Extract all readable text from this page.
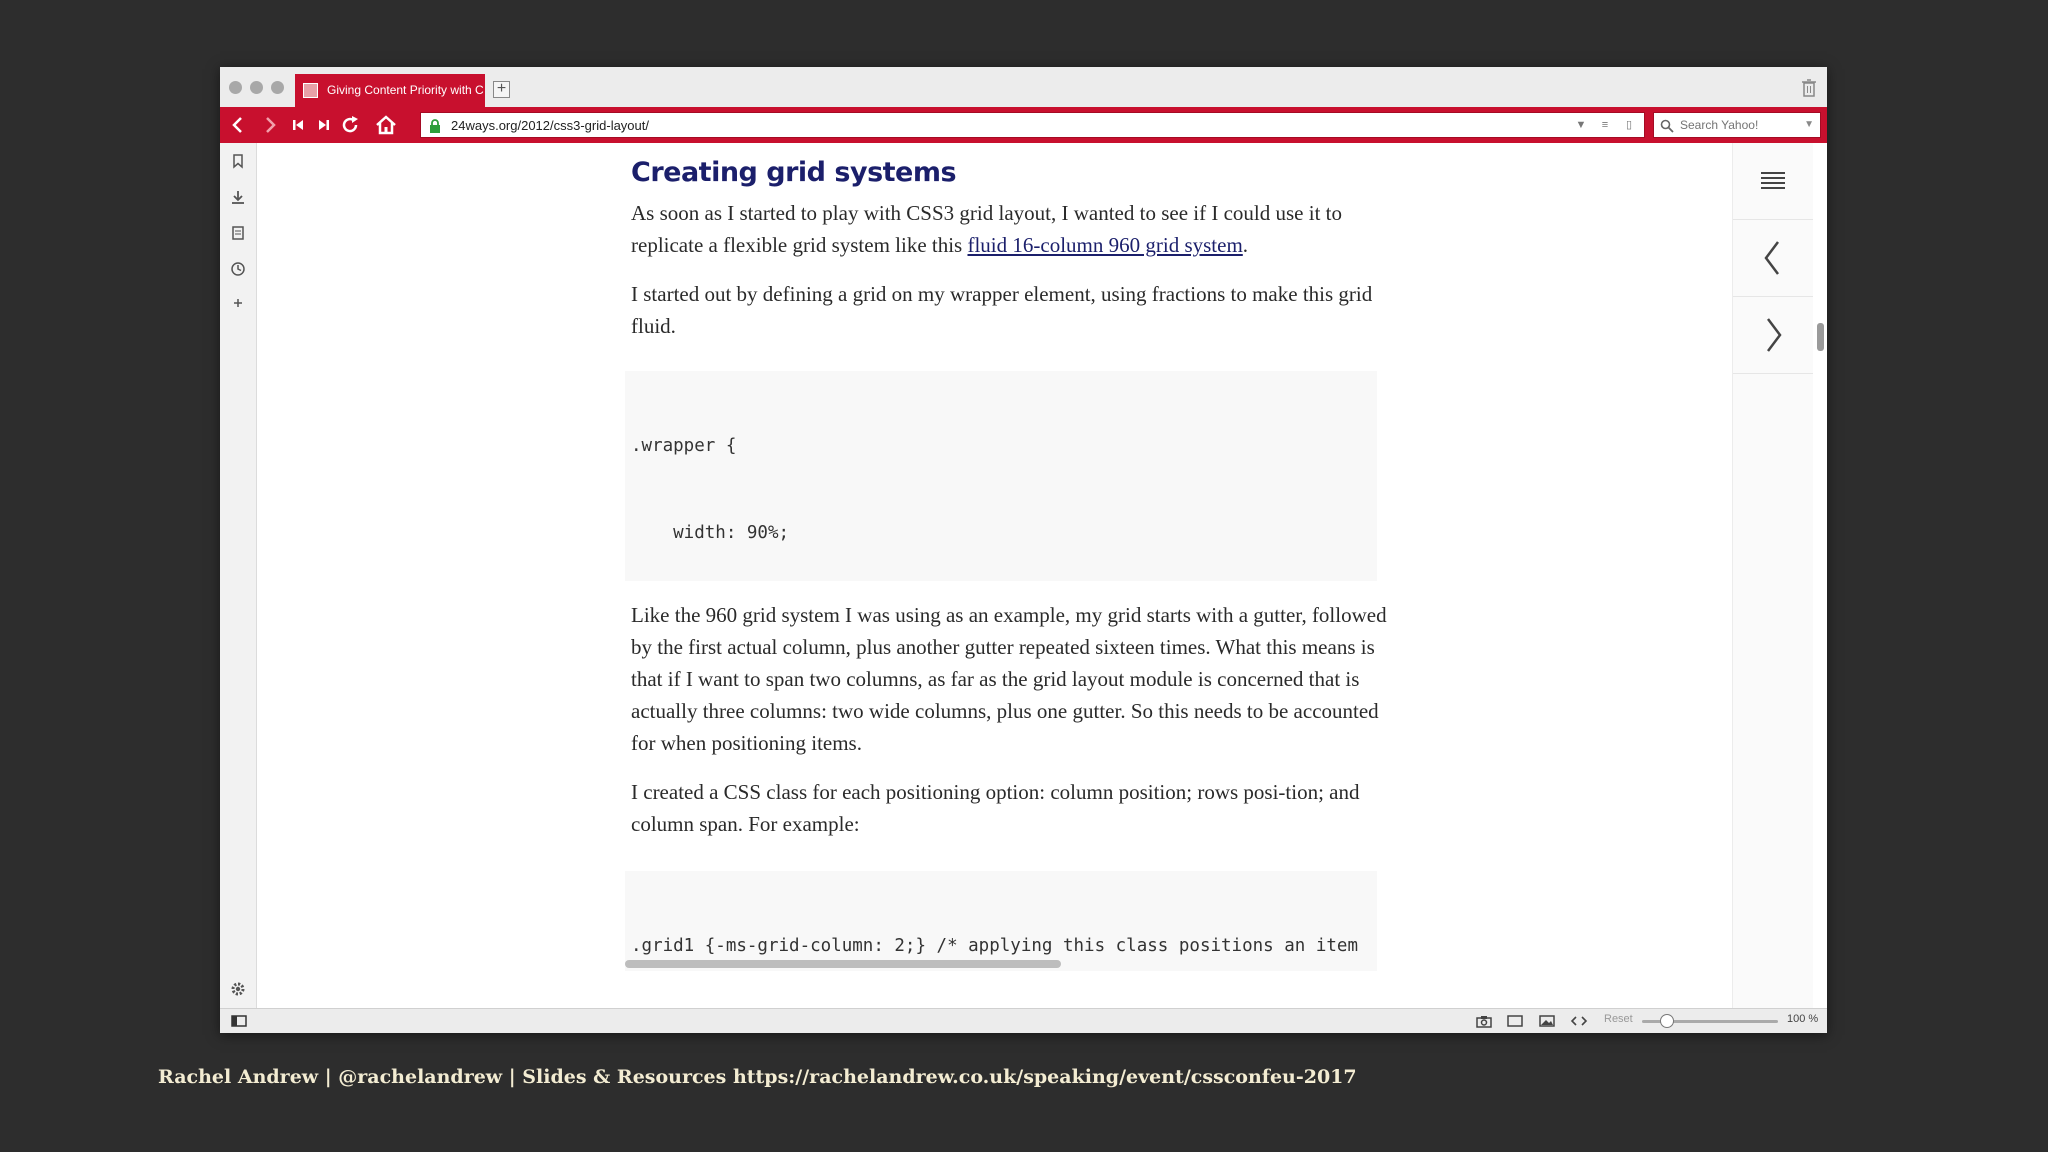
Giving Content Priority with C +
24ways.org/2012/css3-grid-layout/	▼	≡	▯
Search Yahoo!	▼
Creating grid systems

As soon as I started to play with CSS3 grid layout, I wanted to see if I could use it to replicate a flexible grid system like this fluid 16-column 960 grid system.

I started out by defining a grid on my wrapper element, using fractions to make this grid fluid.

.wrapper {

width: 90%;

Like the 960 grid system I was using as an example, my grid starts with a gutter, followed by the first actual column, plus another gutter repeated sixteen times. What this means is that if I want to span two columns, as far as the grid layout module is concerned that is actually three columns: two wide columns, plus one gutter. So this needs to be accounted for when positioning items.

I created a CSS class for each positioning option: column position; rows posi-tion; and column span. For example:

.grid1 {-ms-grid-column: 2;} /* applying this class positions an item

Reset	100 %
Rachel Andrew | @rachelandrew | Slides & Resources https://rachelandrew.co.uk/speaking/event/cssconfeu-2017
